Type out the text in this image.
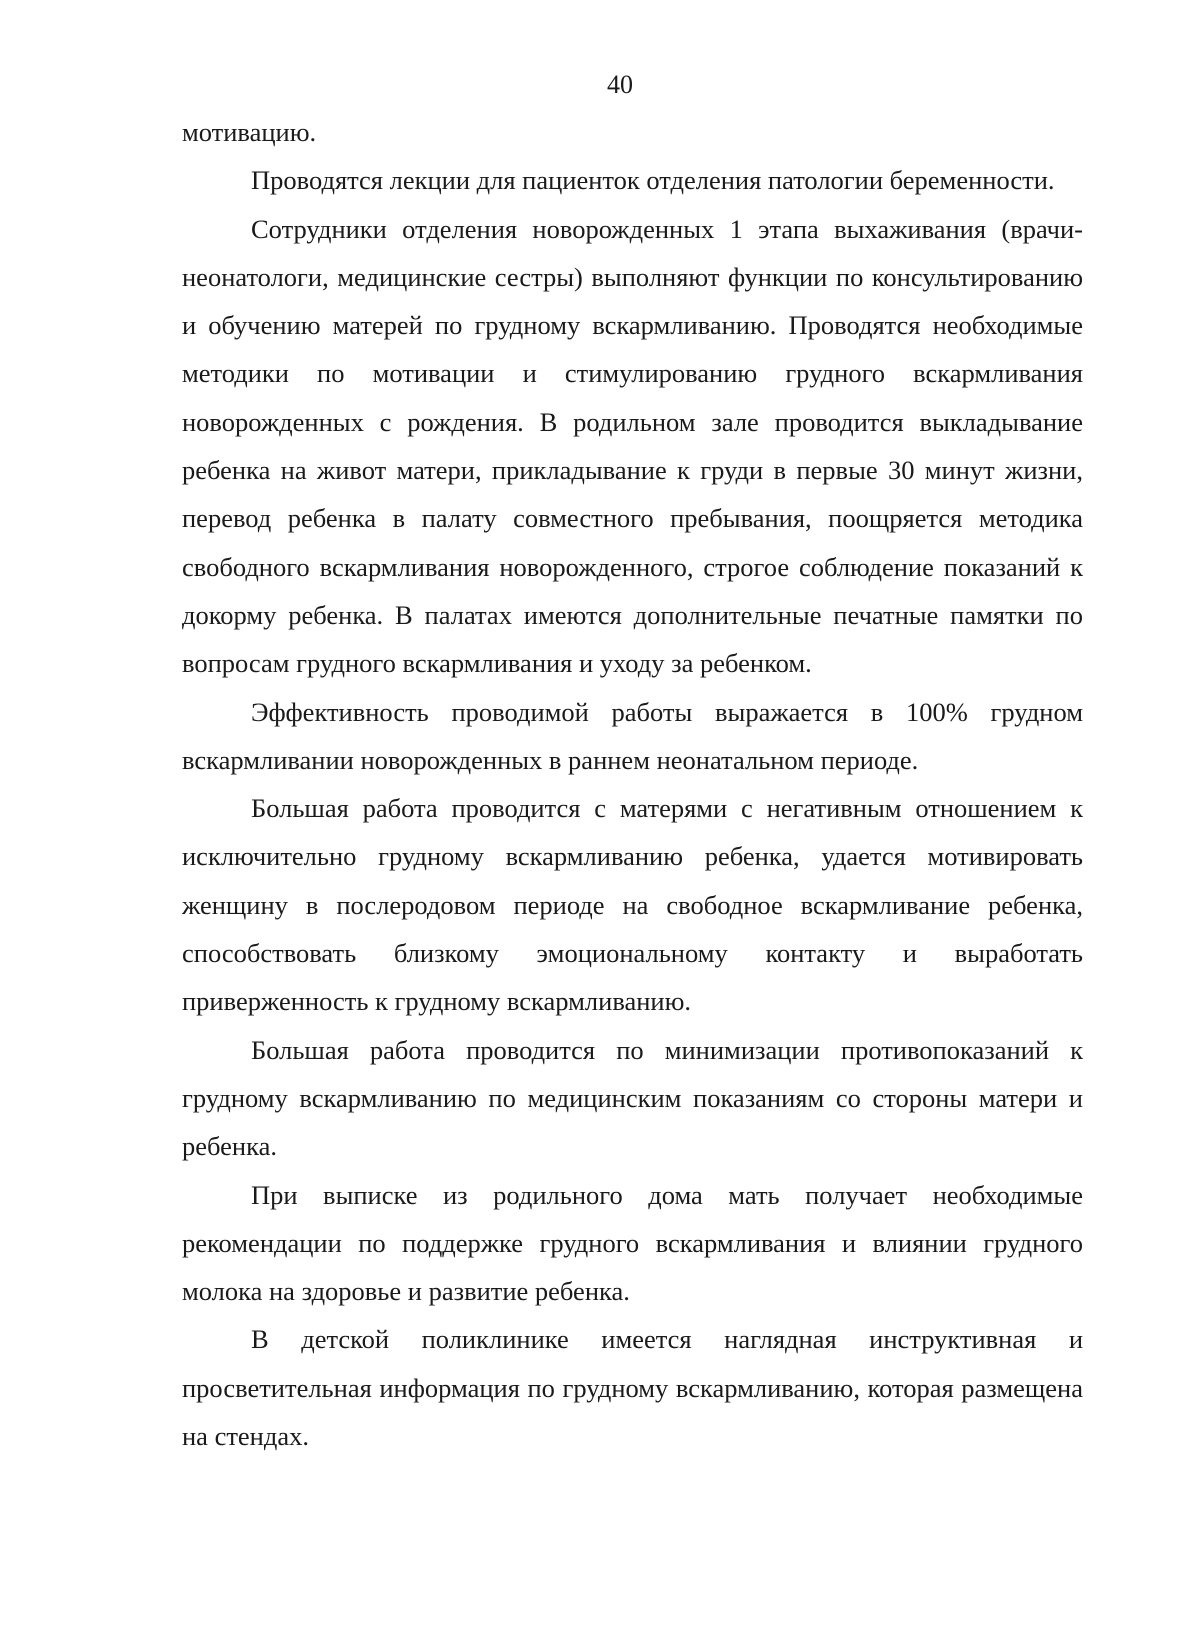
40

мотивацию.

Проводятся лекции для пациенток отделения патологии беременности.

Сотрудники отделения новорожденных 1 этапа выхаживания (врачи-неонатологи, медицинские сестры) выполняют функции по консультированию и обучению матерей по грудному вскармливанию. Проводятся необходимые методики по мотивации и стимулированию грудного вскармливания новорожденных с рождения. В родильном зале проводится выкладывание ребенка на живот матери, прикладывание к груди в первые 30 минут жизни, перевод ребенка в палату совместного пребывания, поощряется методика свободного вскармливания новорожденного, строгое соблюдение показаний к докорму ребенка. В палатах имеются дополнительные печатные памятки по вопросам грудного вскармливания и уходу за ребенком.

Эффективность проводимой работы выражается в 100% грудном вскармливании новорожденных в раннем неонатальном периоде.

Большая работа проводится с матерями с негативным отношением к исключительно грудному вскармливанию ребенка, удается мотивировать женщину в послеродовом периоде на свободное вскармливание ребенка, способствовать близкому эмоциональному контакту и выработать приверженность к грудному вскармливанию.

Большая работа проводится по минимизации противопоказаний к грудному вскармливанию по медицинским показаниям со стороны матери и ребенка.

При выписке из родильного дома мать получает необходимые рекомендации по поддержке грудного вскармливания и влиянии грудного молока на здоровье и развитие ребенка.

В детской поликлинике имеется наглядная инструктивная и просветительная информация по грудному вскармливанию, которая размещена на стендах.
